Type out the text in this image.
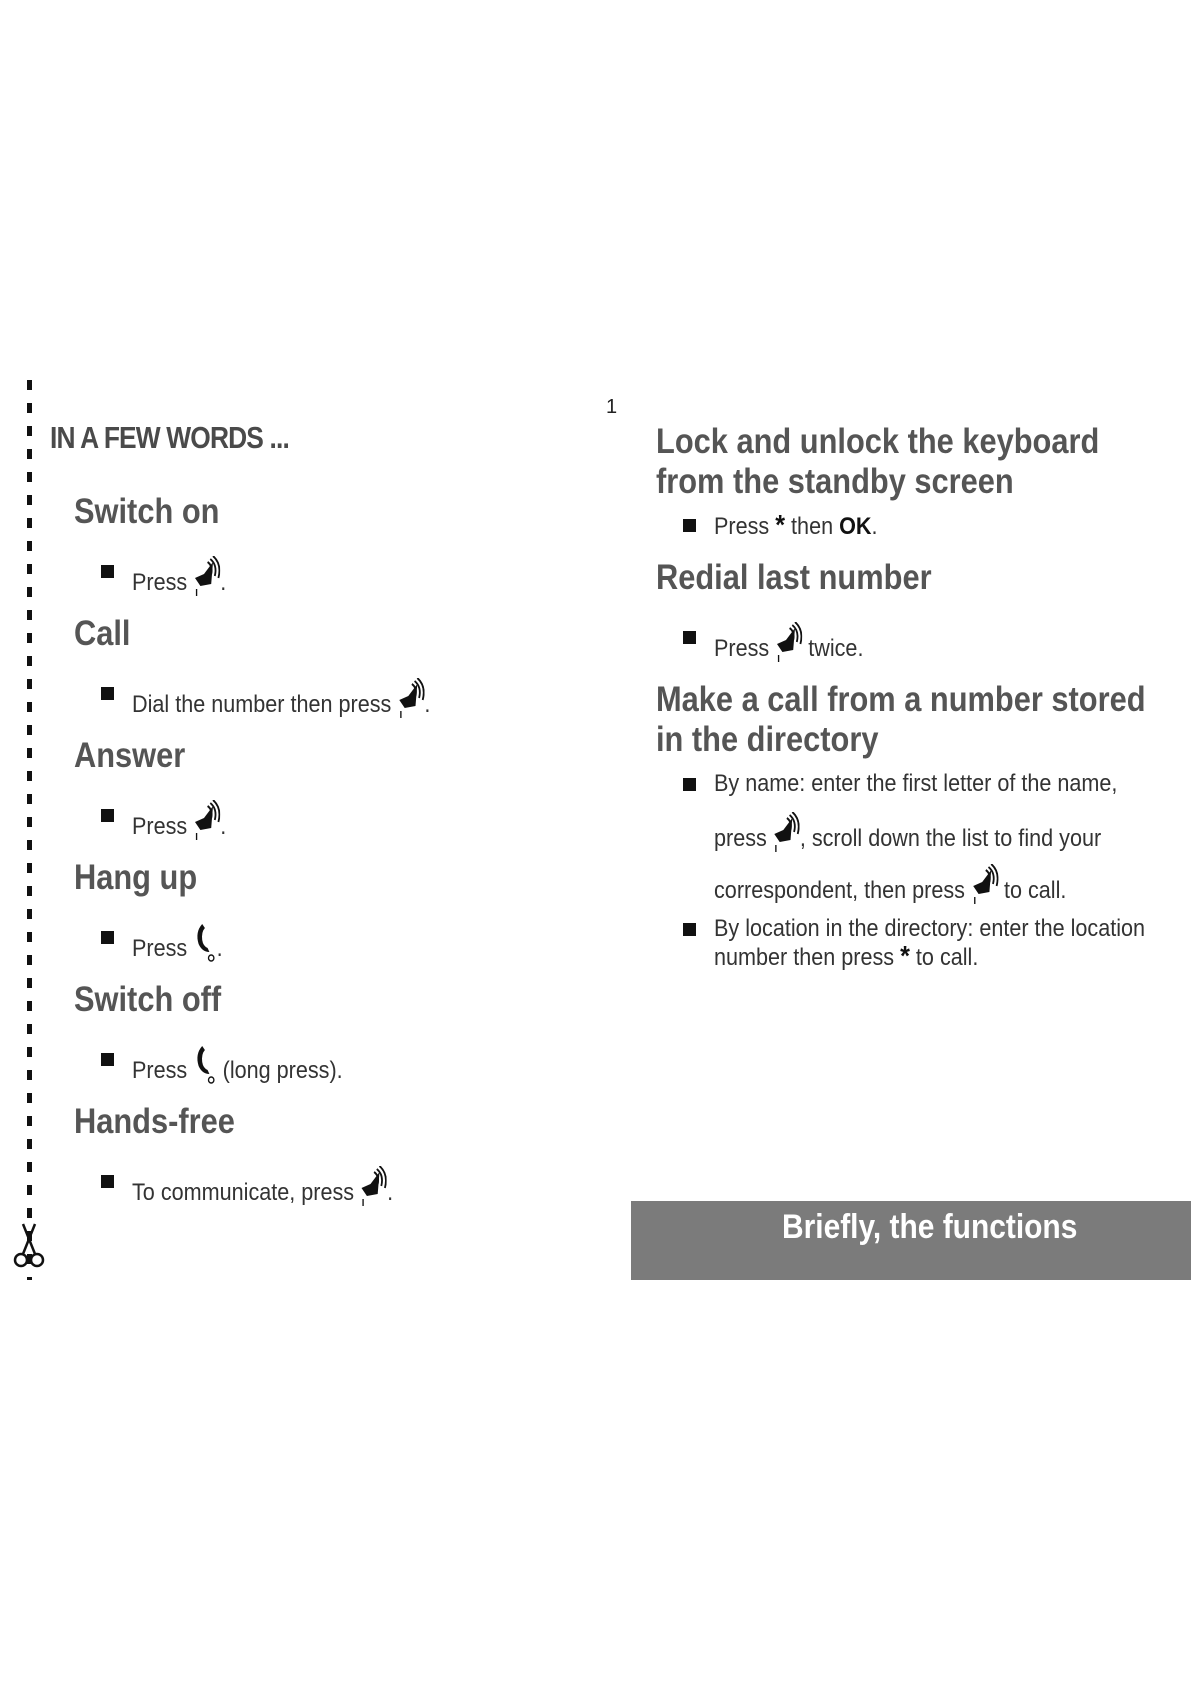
1
IN A FEW WORDS ...
Switch on
Press .
Call
Dial the number then press .
Answer
Press .
Hang up
Press .
Switch off
Press (long press).
Hands-free
To communicate, press .
Lock and unlock the keyboard
from the standby screen
Press * then OK.
Redial last number
Press twice.
Make a call from a number stored
in the directory
By name: enter the first letter of the name,
press , scroll down the list to find your
correspondent, then press to call.
By location in the directory: enter the location
number then press * to call.
Briefly, the functions
